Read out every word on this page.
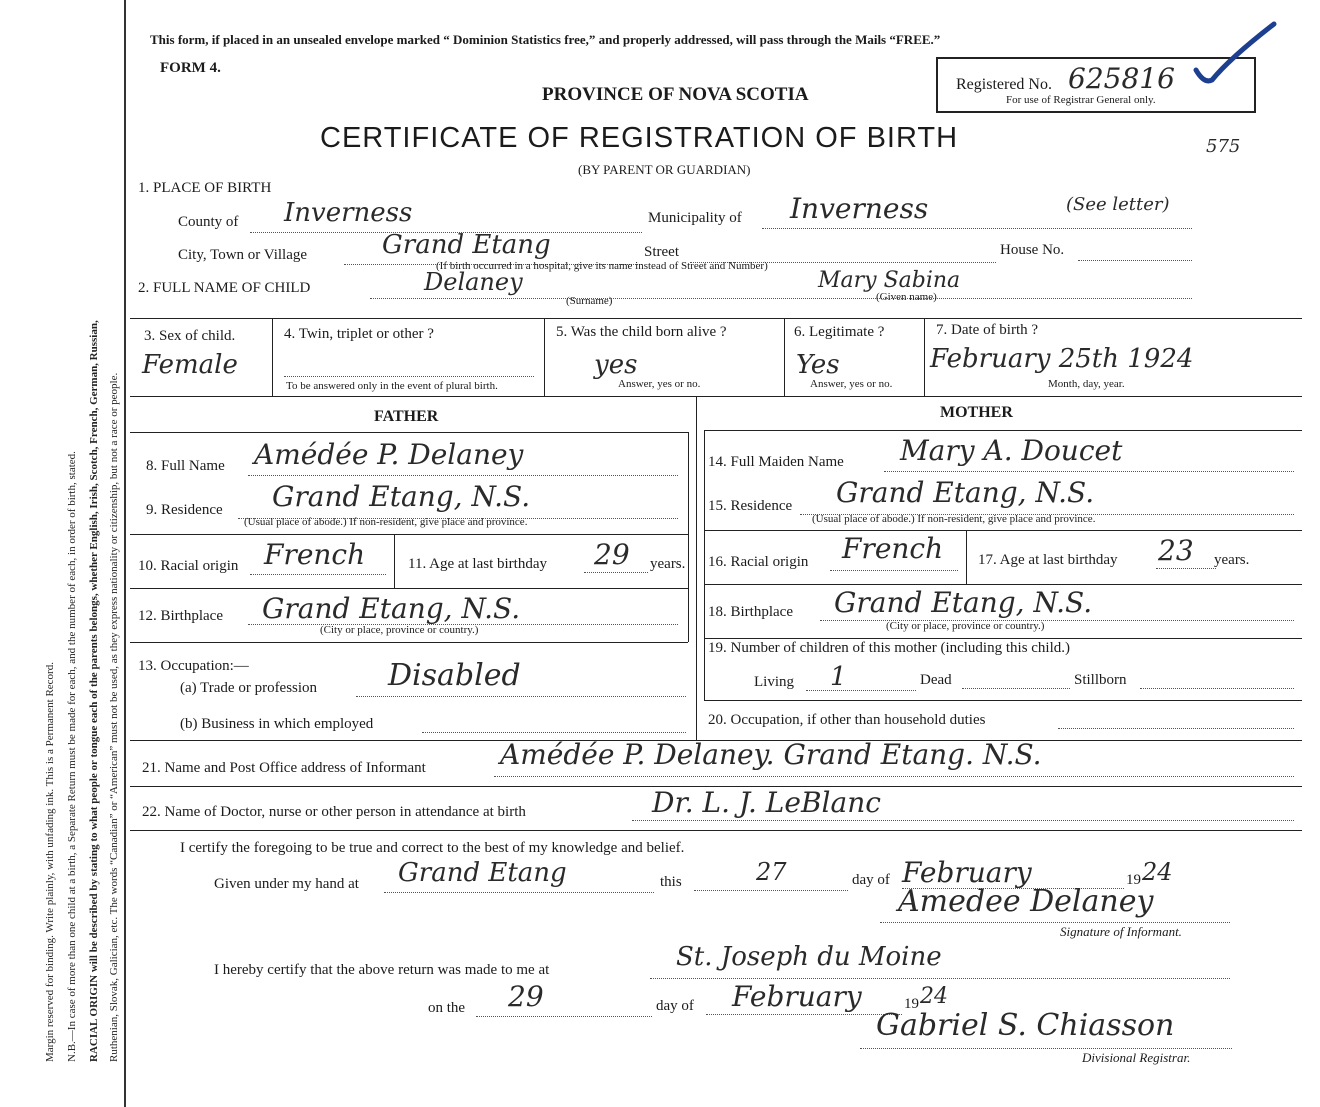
Margin reserved for binding. Write plainly, with unfading ink. This is a Permanent Record. N.B.—In case of more than one child at a birth, a Separate Return must be made for each, and the number of each, in order of birth, stated. RACIAL ORIGIN will be described by stating to what people or tongue each of the parents belongs, whether English, Irish, Scotch, French, German, Russian, Ruthenian, Slovak, Galician, etc. The words “Canadian” or “American” must not be used, as they express nationality or citizenship, but not a race or people.
This form, if placed in an unsealed envelope marked “ Dominion Statistics free,” and properly addressed, will pass through the Mails “FREE.”
FORM 4.
PROVINCE OF NOVA SCOTIA	Registered No. 625816
For use of Registrar General only.
575
CERTIFICATE OF REGISTRATION OF BIRTH
(BY PARENT OR GUARDIAN)
1. PLACE OF BIRTH
County of Inverness	Municipality of Inverness	(See letter)
City, Town or Village	Grand Etang	Street	House No.
(If birth occurred in a hospital, give its name instead of Street and Number)
2. FULL NAME OF CHILD	Delaney
(Surname)
Mary Sabina
(Given name)
3. Sex of child.
Female
4. Twin, triplet or other ?
To be answered only in the event of plural birth.
5. Was the child born alive ?
yes
Answer, yes or no.
6. Legitimate ?
Yes
Answer, yes or no.
7. Date of birth ?
February 25th 1924
Month, day, year.
FATHER	MOTHER
8. Full Name Amédée P. Delaney
9. Residence Grand Etang, N.S.
(Usual place of abode.) If non-resident, give place and province.
10. Racial origin French	11. Age at last birthday 29 years.
12. Birthplace Grand Etang, N.S.
(City or place, province or country.)
13. Occupation:—
(a) Trade or profession Disabled
(b) Business in which employed
14. Full Maiden Name Mary A. Doucet
15. Residence Grand Etang, N.S.
(Usual place of abode.) If non-resident, give place and province.
16. Racial origin French 17. Age at last birthday 23 years.
18. Birthplace Grand Etang, N.S.
(City or place, province or country.)
19. Number of children of this mother (including this child.)
Living 1	Dead	Stillborn
20. Occupation, if other than household duties
21. Name and Post Office address of Informant	Amédée P. Delaney. Grand Etang. N.S.
22. Name of Doctor, nurse or other person in attendance at birth	Dr. L. J. LeBlanc
I certify the foregoing to be true and correct to the best of my knowledge and belief.
Given under my hand at Grand Etang	this	27	day of February	19 24
Amedee Delaney
Signature of Informant.
I hereby certify that the above return was made to me at	St. Joseph du Moine
on the 29	day of February	19 24
Gabriel S. Chiasson
Divisional Registrar.
